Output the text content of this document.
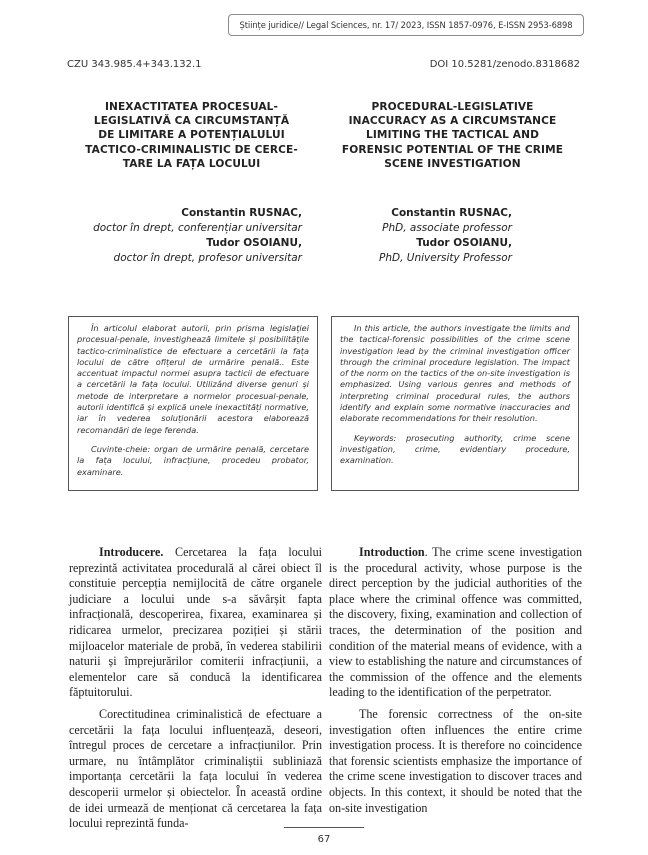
Științe juridice// Legal Sciences, nr. 17/ 2023, ISSN 1857-0976, E-ISSN 2953-6898
CZU 343.985.4+343.132.1	DOI 10.5281/zenodo.8318682
INEXACTITATEA PROCESUAL-
LEGISLATIVĂ CA CIRCUMSTANȚĂ
DE LIMITARE A POTENȚIALULUI
TACTICO-CRIMINALISTIC DE CERCE-
TARE LA FAȚA LOCULUI
PROCEDURAL-LEGISLATIVE
INACCURACY AS A CIRCUMSTANCE
LIMITING THE TACTICAL AND
FORENSIC POTENTIAL OF THE CRIME
SCENE INVESTIGATION
Constantin RUSNAC,
doctor în drept, conferențiar universitar
Tudor OSOIANU,
doctor în drept, profesor universitar
Constantin RUSNAC,
PhD, associate professor
Tudor OSOIANU,
PhD, University Professor

În articolul elaborat autorii, prin prisma legislației procesual-penale, investighează limitele și posibilitățile tactico-criminalistice de efectuare a cercetării la fața locului de către ofițerul de urmărire penală.. Este accentuat impactul normei asupra tacticii de efectuare a cercetării la fața locului. Utilizând diverse genuri și metode de interpretare a normelor procesual-penale, autorii identifică și explică unele inexactități normative, iar în vederea soluționării acestora elaborează recomandări de lege ferenda.

Cuvinte-cheie: organ de urmărire penală, cercetare la fața locului, infracțiune, procedeu probator, examinare.

In this article, the authors investigate the limits and the tactical-forensic possibilities of the crime scene investigation lead by the criminal investigation officer through the criminal procedure legislation. The impact of the norm on the tactics of the on-site investigation is emphasized. Using various genres and methods of interpreting criminal procedural rules, the authors identify and explain some normative inaccuracies and elaborate recommendations for their resolution.

Keywords: prosecuting authority, crime scene investigation, crime, evidentiary procedure, examination.

Introducere. Cercetarea la fața locului reprezintă activitatea procedurală al cărei obiect îl constituie percepția nemijlocită de către organele judiciare a locului unde s-a săvârșit fapta infracțională, descoperirea, fixarea, examinarea și ridicarea urmelor, precizarea poziției și stării mijloacelor materiale de probă, în vederea stabilirii naturii și împrejurărilor comiterii infracțiunii, a elementelor care să conducă la identificarea făptuitorului.

Corectitudinea criminalistică de efectuare a cercetării la fața locului influențează, deseori, întregul proces de cercetare a infracțiunilor. Prin urmare, nu întâmplător criminaliștii subliniază importanța cercetării la fața locului în vederea descoperii urmelor și obiectelor. În această ordine de idei urmează de menționat că cercetarea la fața locului reprezintă funda-

Introduction. The crime scene investigation is the procedural activity, whose purpose is the direct perception by the judicial authorities of the place where the criminal offence was committed, the discovery, fixing, examination and collection of traces, the determination of the position and condition of the material means of evidence, with a view to establishing the nature and circumstances of the commission of the offence and the elements leading to the identification of the perpetrator.

The forensic correctness of the on-site investigation often influences the entire crime investigation process. It is therefore no coincidence that forensic scientists emphasize the importance of the crime scene investigation to discover traces and objects. In this context, it should be noted that the on-site investigation

67
